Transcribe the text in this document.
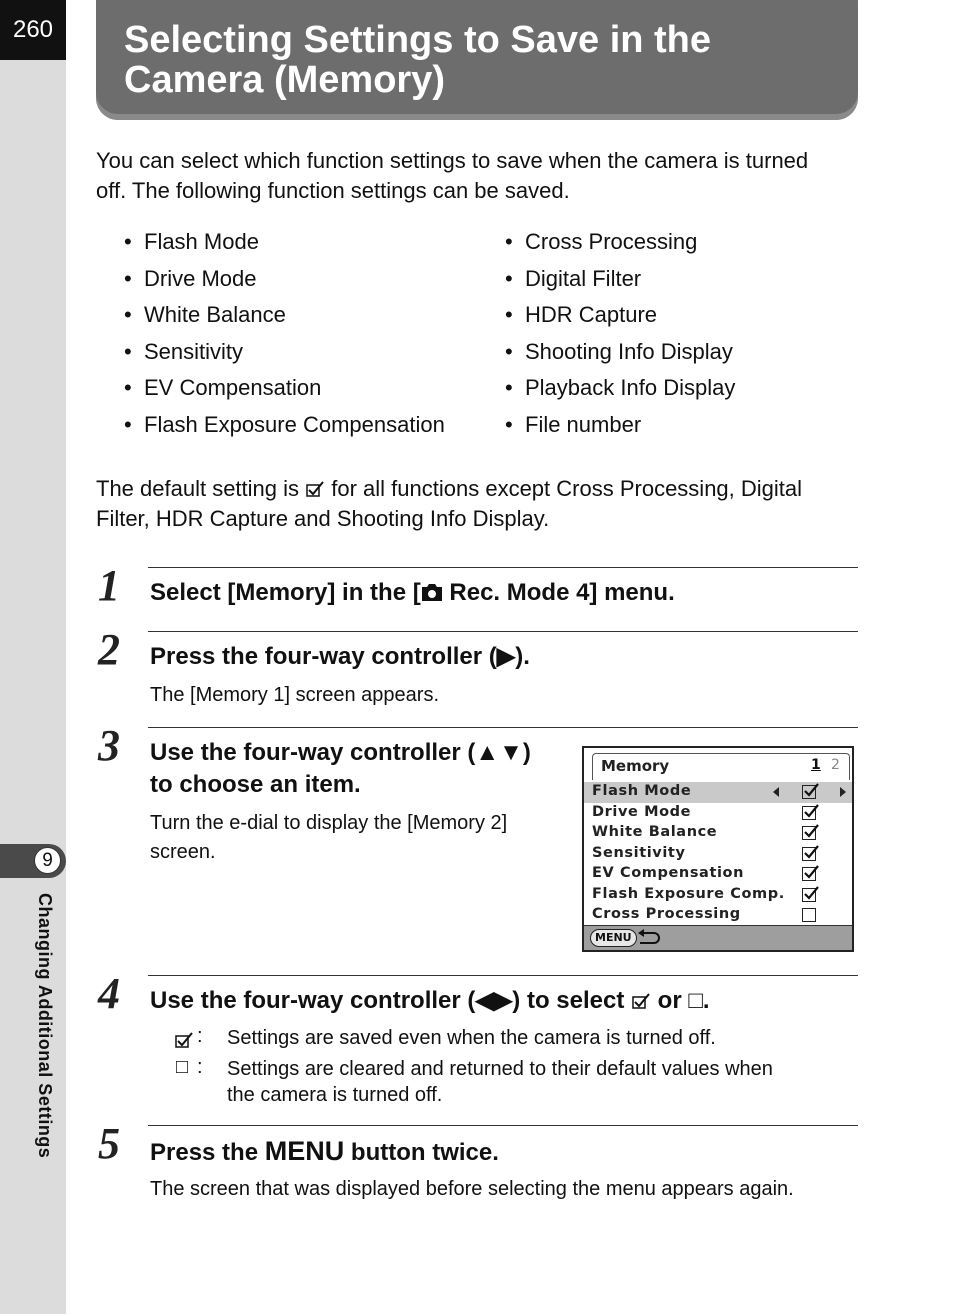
260
9
Changing Additional Settings
Selecting Settings to Save in the
Camera (Memory)
You can select which function settings to save when the camera is turned
off. The following function settings can be saved.
• Flash Mode
• Drive Mode
• White Balance
• Sensitivity
• EV Compensation
• Flash Exposure Compensation
• Cross Processing
• Digital Filter
• HDR Capture
• Shooting Info Display
• Playback Info Display
• File number
The default setting is for all functions except Cross Processing, Digital
Filter, HDR Capture and Shooting Info Display.
1 Select [Memory] in the [ Rec. Mode 4] menu.
2 Press the four-way controller (▶).
The [Memory 1] screen appears.
3 Use the four-way controller (▲▼)
to choose an item.
Turn the e-dial to display the [Memory 2]
screen.
Memory	1 2
Flash Mode
Drive Mode
White Balance
Sensitivity
EV Compensation
Flash Exposure Comp.
Cross Processing
MENU
4 Use the four-way controller (◀▶) to select or □.
: Settings are saved even when the camera is turned off.
□ : Settings are cleared and returned to their default values when
the camera is turned off.
5 Press the MENU button twice.
The screen that was displayed before selecting the menu appears again.
